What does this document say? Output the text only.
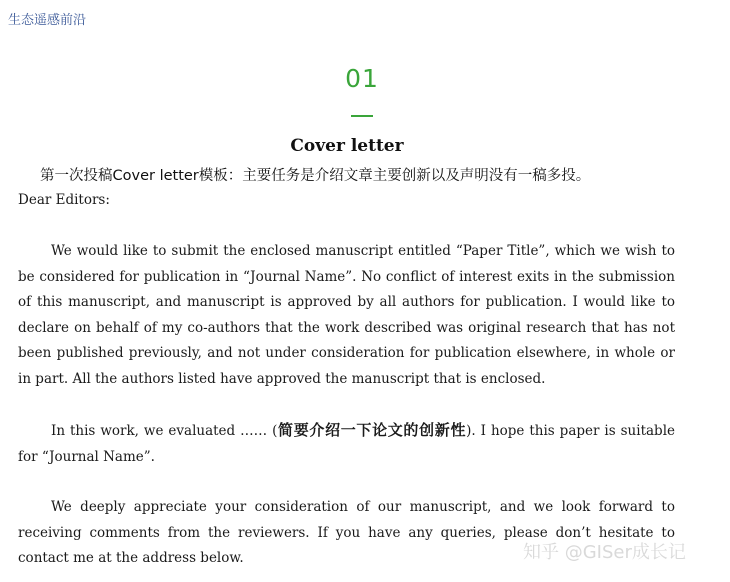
生态遥感前沿
01
Cover letter
第一次投稿Cover letter模板：主要任务是介绍文章主要创新以及声明没有一稿多投。
Dear Editors:
We would like to submit the enclosed manuscript entitled “Paper Title”, which we wish to be considered for publication in “Journal Name”. No conflict of interest exits in the submission of this manuscript, and manuscript is approved by all authors for publication. I would like to declare on behalf of my co-authors that the work described was original research that has not been published previously, and not under consideration for publication elsewhere, in whole or in part. All the authors listed have approved the manuscript that is enclosed.
In this work, we evaluated …… (简要介绍一下论文的创新性). I hope this paper is suitable for “Journal Name”.
We deeply appreciate your consideration of our manuscript, and we look forward to receiving comments from the reviewers. If you have any queries, please don’t hesitate to contact me at the address below.	知乎 @GISer成长记
